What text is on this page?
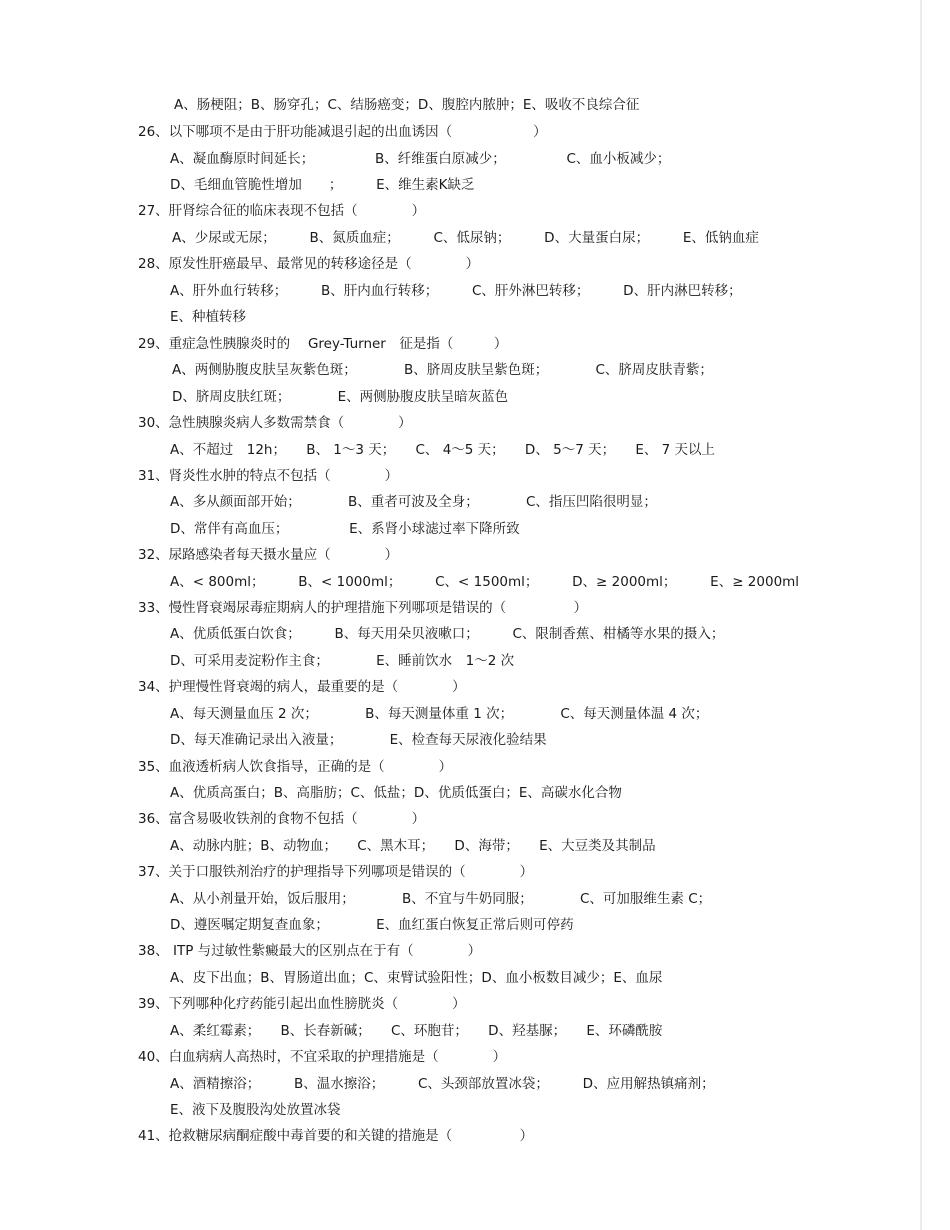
A、肠梗阻；B、肠穿孔；C、结肠癌变；D、腹腔内脓肿；E、吸收不良综合征
26、以下哪项不是由于肝功能减退引起的出血诱因（　　　　　　）
A、凝血酶原时间延长；　　　　　B、纤维蛋白原减少；　　　　　C、血小板减少；
D、毛细血管脆性增加　　；　　　E、维生素K缺乏
27、肝肾综合征的临床表现不包括（　　　　）
A、少尿或无尿；　　　B、氮质血症；　　　C、低尿钠；　　　D、大量蛋白尿；　　　E、低钠血症
28、原发性肝癌最早、最常见的转移途径是（　　　　）
A、肝外血行转移；　　　B、肝内血行转移；　　　C、肝外淋巴转移；　　　D、肝内淋巴转移；
E、种植转移
29、重症急性胰腺炎时的　 Grey-Turner　征是指（　　　）
A、两侧胁腹皮肤呈灰紫色斑；　　　　B、脐周皮肤呈紫色斑；　　　　C、脐周皮肤青紫；
D、脐周皮肤红斑；　　　　E、两侧胁腹皮肤呈暗灰蓝色
30、急性胰腺炎病人多数需禁食（　　　　）
A、不超过　12h；　　B、 1～3 天；　　C、 4～5 天；　　D、 5～7 天；　　E、 7 天以上
31、肾炎性水肿的特点不包括（　　　　）
A、多从颜面部开始；　　　　B、重者可波及全身；　　　　C、指压凹陷很明显；
D、常伴有高血压；　　　　　E、系肾小球滤过率下降所致
32、尿路感染者每天摄水量应（　　　　）
A、< 800ml；　　　B、< 1000ml；　　　C、< 1500ml；　　　D、≥ 2000ml；　　　E、≥ 2000ml
33、慢性肾衰竭尿毒症期病人的护理措施下列哪项是错误的（　　　　　）
A、优质低蛋白饮食；　　　B、每天用朵贝液嗽口；　　　C、限制香蕉、柑橘等水果的摄入；
D、可采用麦淀粉作主食；　　　　E、睡前饮水　1～2 次
34、护理慢性肾衰竭的病人，最重要的是（　　　　）
A、每天测量血压 2 次；　　　　B、每天测量体重 1 次；　　　　C、每天测量体温 4 次；
D、每天准确记录出入液量；　　　　E、检查每天尿液化验结果
35、血液透析病人饮食指导，正确的是（　　　　）
A、优质高蛋白；B、高脂肪；C、低盐；D、优质低蛋白；E、高碳水化合物
36、富含易吸收铁剂的食物不包括（　　　　）
A、动脉内脏；B、动物血；　　C、黑木耳；　　D、海带；　　E、大豆类及其制品
37、关于口服铁剂治疗的护理指导下列哪项是错误的（　　　　）
A、从小剂量开始，饭后服用；　　　　B、不宜与牛奶同服；　　　　C、可加服维生素 C；
D、遵医嘱定期复查血象；　　　　E、血红蛋白恢复正常后则可停药
38、 ITP 与过敏性紫癜最大的区别点在于有（　　　　）
A、皮下出血；B、胃肠道出血；C、束臂试验阳性；D、血小板数目减少；E、血尿
39、下列哪种化疗药能引起出血性膀胱炎（　　　　）
A、柔红霉素；　　B、长春新碱；　　C、环胞苷；　　D、羟基脲；　　E、环磷酰胺
40、白血病病人高热时，不宜采取的护理措施是（　　　　）
A、酒精擦浴；　　　B、温水擦浴；　　　C、头颈部放置冰袋；　　　D、应用解热镇痛剂；
E、液下及腹股沟处放置冰袋
41、抢救糖尿病酮症酸中毒首要的和关键的措施是（　　　　　）
